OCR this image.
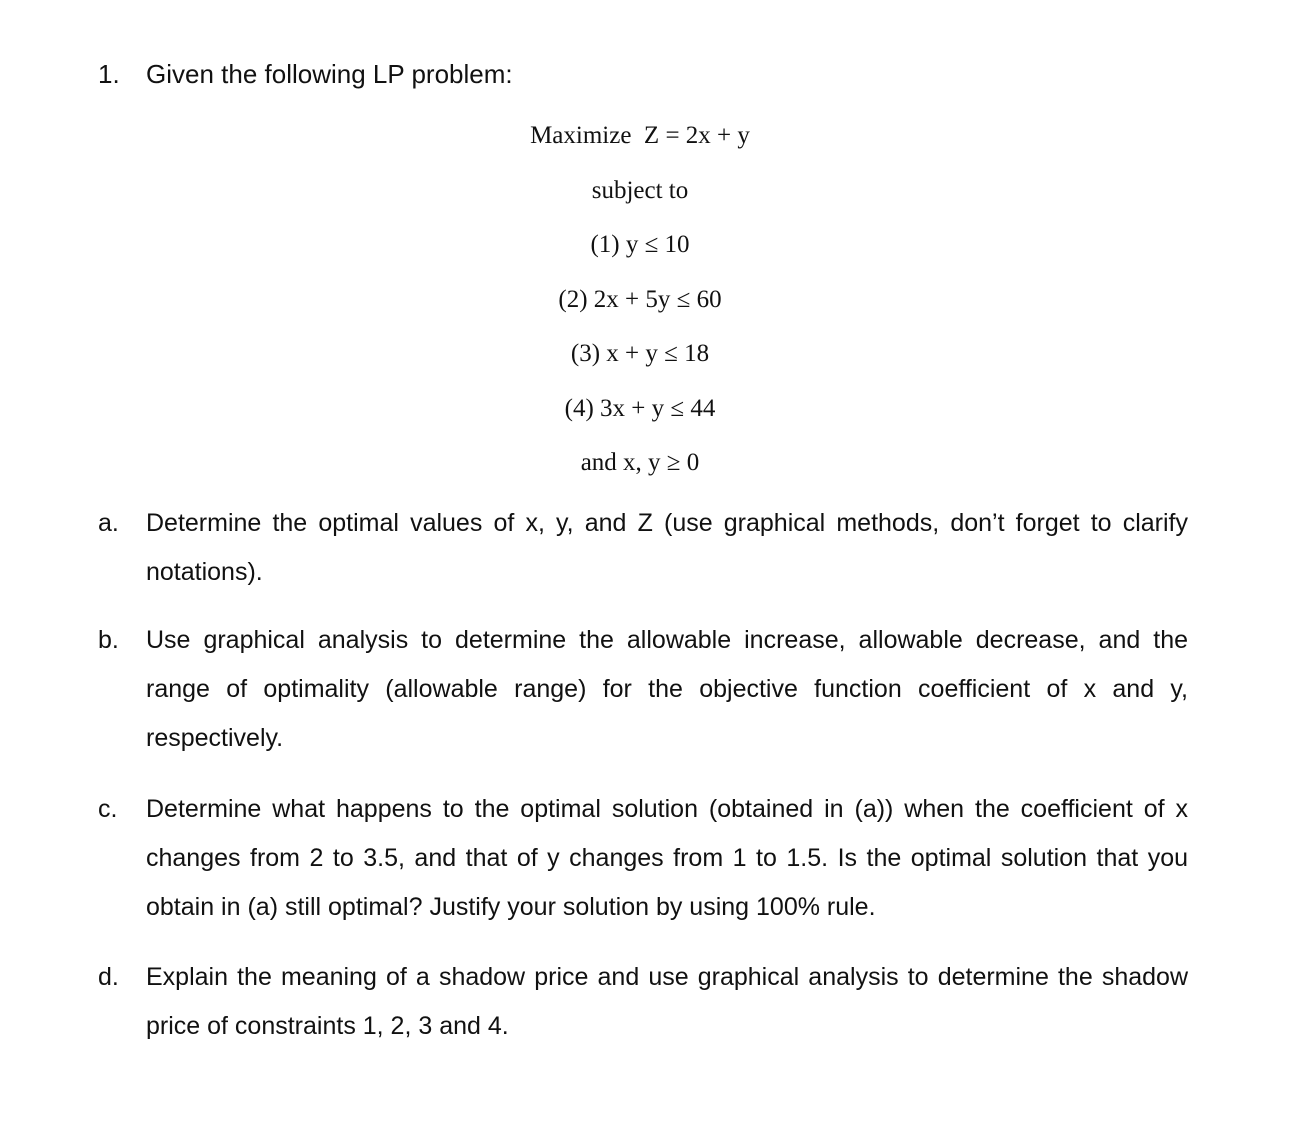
1. Given the following LP problem:
Maximize  Z = 2x + y
subject to
(1) y ≤ 10
(2) 2x + 5y ≤ 60
(3) x + y ≤ 18
(4) 3x + y ≤ 44
and x, y ≥ 0
a. Determine the optimal values of x, y, and Z (use graphical methods, don’t forget to clarify notations).
b. Use graphical analysis to determine the allowable increase, allowable decrease, and the range of optimality (allowable range) for the objective function coefficient of x and y, respectively.
c. Determine what happens to the optimal solution (obtained in (a)) when the coefficient of x changes from 2 to 3.5, and that of y changes from 1 to 1.5. Is the optimal solution that you obtain in (a) still optimal? Justify your solution by using 100% rule.
d. Explain the meaning of a shadow price and use graphical analysis to determine the shadow price of constraints 1, 2, 3 and 4.
